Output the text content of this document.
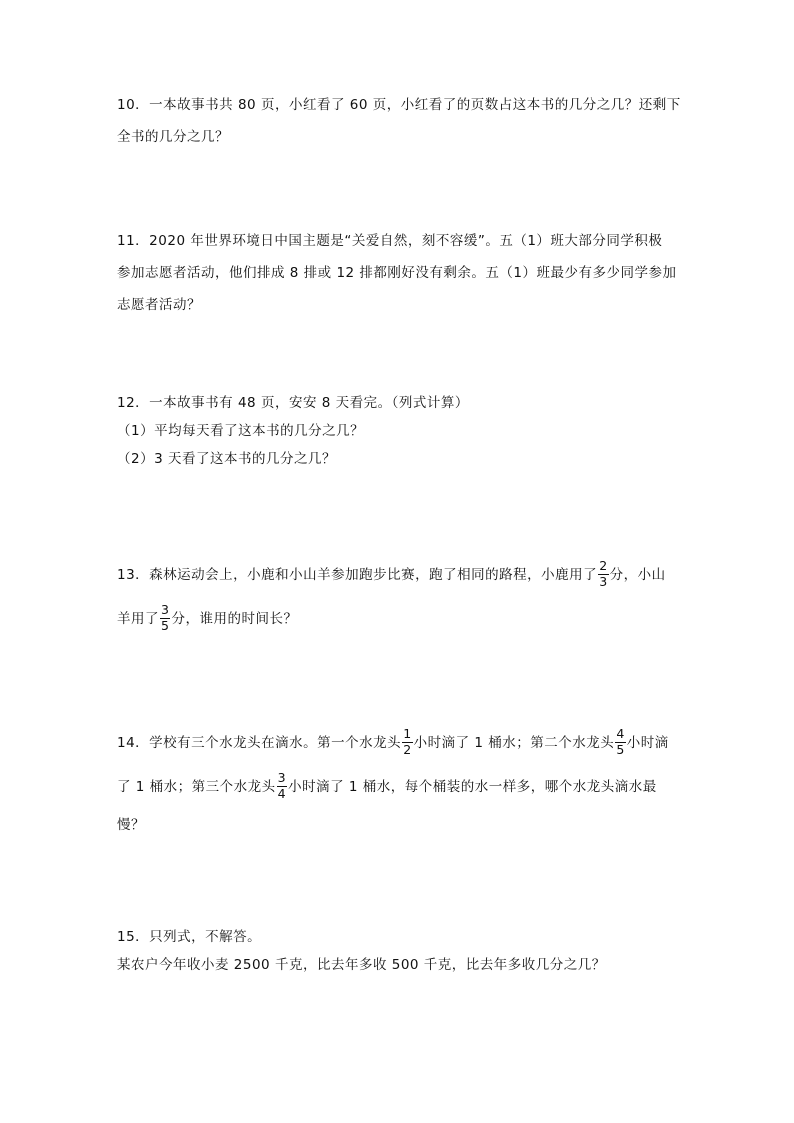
10．一本故事书共 80 页，小红看了 60 页，小红看了的页数占这本书的几分之几？还剩下
全书的几分之几？
11．2020 年世界环境日中国主题是“关爱自然，刻不容缓”。五（1）班大部分同学积极
参加志愿者活动，他们排成 8 排或 12 排都刚好没有剩余。五（1）班最少有多少同学参加
志愿者活动？
12．一本故事书有 48 页，安安 8 天看完。（列式计算）
（1）平均每天看了这本书的几分之几？
（2）3 天看了这本书的几分之几？
13．森林运动会上，小鹿和小山羊参加跑步比赛，跑了相同的路程，小鹿用了 $\frac{2}{3}$ 分，小山
羊用了 $\frac{3}{5}$ 分，谁用的时间长？
14．学校有三个水龙头在滴水。第一个水龙头 $\frac{1}{2}$ 小时滴了 1 桶水；第二个水龙头 $\frac{4}{5}$ 小时滴
了 1 桶水；第三个水龙头 $\frac{3}{4}$ 小时滴了 1 桶水，每个桶装的水一样多，哪个水龙头滴水最
慢？
15．只列式，不解答。
某农户今年收小麦 2500 千克，比去年多收 500 千克，比去年多收几分之几？
